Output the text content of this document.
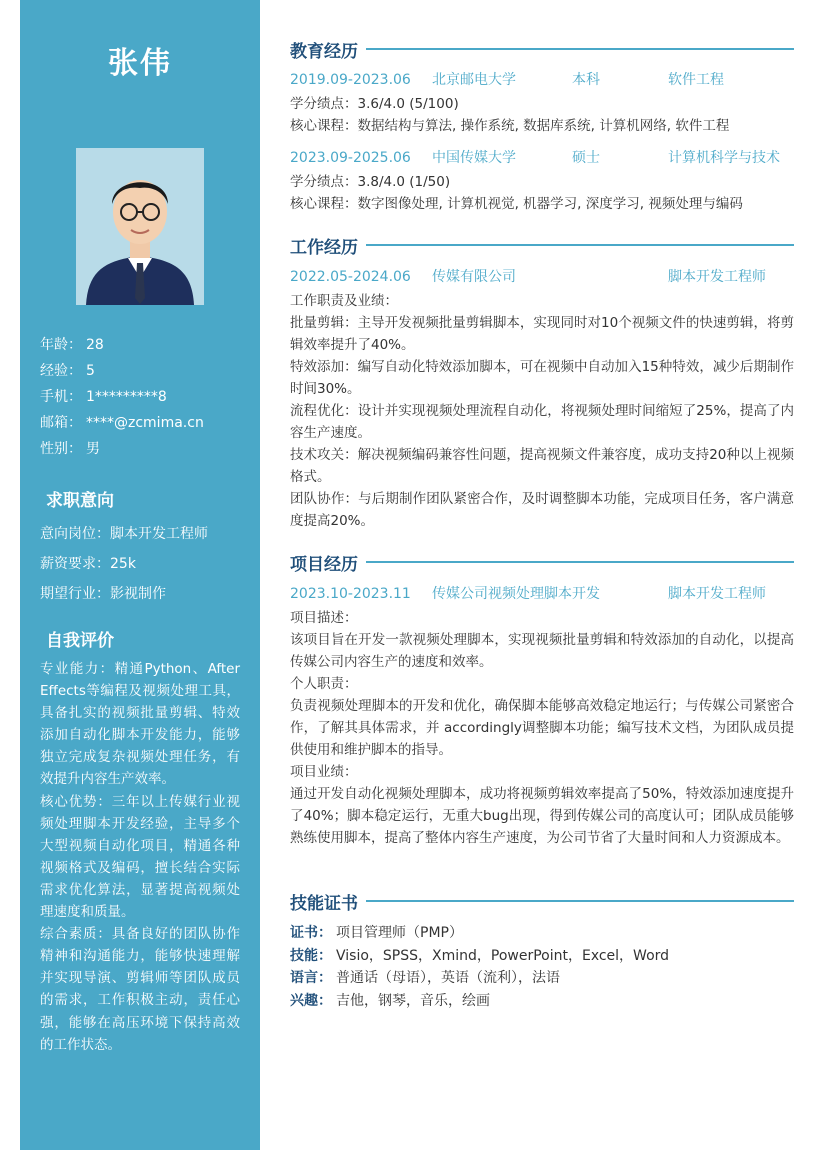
张伟
年龄： 28
经验： 5
手机： 1*********8
邮箱： ****@zcmima.cn
性别： 男
求职意向
意向岗位：脚本开发工程师
薪资要求：25k
期望行业：影视制作
自我评价
专业能力：精通Python、After Effects等编程及视频处理工具，具备扎实的视频批量剪辑、特效添加自动化脚本开发能力，能够独立完成复杂视频处理任务，有效提升内容生产效率。
核心优势：三年以上传媒行业视频处理脚本开发经验，主导多个大型视频自动化项目，精通各种视频格式及编码，擅长结合实际需求优化算法，显著提高视频处理速度和质量。
综合素质：具备良好的团队协作精神和沟通能力，能够快速理解并实现导演、剪辑师等团队成员的需求，工作积极主动，责任心强，能够在高压环境下保持高效的工作状态。
教育经历
2019.09-2023.06 北京邮电大学	本科	软件工程

学分绩点：3.6/4.0 (5/100)

核心课程：数据结构与算法, 操作系统, 数据库系统, 计算机网络, 软件工程

2023.09-2025.06 中国传媒大学	硕士	计算机科学与技术

学分绩点：3.8/4.0 (1/50)

核心课程：数字图像处理, 计算机视觉, 机器学习, 深度学习, 视频处理与编码

工作经历
2022.05-2024.06 传媒有限公司	脚本开发工程师

工作职责及业绩：

批量剪辑：主导开发视频批量剪辑脚本，实现同时对10个视频文件的快速剪辑，将剪辑效率提升了40%。

特效添加：编写自动化特效添加脚本，可在视频中自动加入15种特效，减少后期制作时间30%。

流程优化：设计并实现视频处理流程自动化，将视频处理时间缩短了25%，提高了内容生产速度。

技术攻关：解决视频编码兼容性问题，提高视频文件兼容度，成功支持20种以上视频格式。

团队协作：与后期制作团队紧密合作，及时调整脚本功能，完成项目任务，客户满意度提高20%。

项目经历
2023.10-2023.11 传媒公司视频处理脚本开发	脚本开发工程师

项目描述：

该项目旨在开发一款视频处理脚本，实现视频批量剪辑和特效添加的自动化，以提高传媒公司内容生产的速度和效率。

个人职责：

负责视频处理脚本的开发和优化，确保脚本能够高效稳定地运行；与传媒公司紧密合作，了解其具体需求，并 accordingly调整脚本功能；编写技术文档，为团队成员提供使用和维护脚本的指导。

项目业绩：

通过开发自动化视频处理脚本，成功将视频剪辑效率提高了50%，特效添加速度提升了40%；脚本稳定运行，无重大bug出现，得到传媒公司的高度认可；团队成员能够熟练使用脚本，提高了整体内容生产速度，为公司节省了大量时间和人力资源成本。

技能证书

证书： 项目管理师（PMP）

技能： Visio，SPSS，Xmind，PowerPoint，Excel，Word

语言： 普通话（母语），英语（流利），法语

兴趣： 吉他，钢琴，音乐，绘画
